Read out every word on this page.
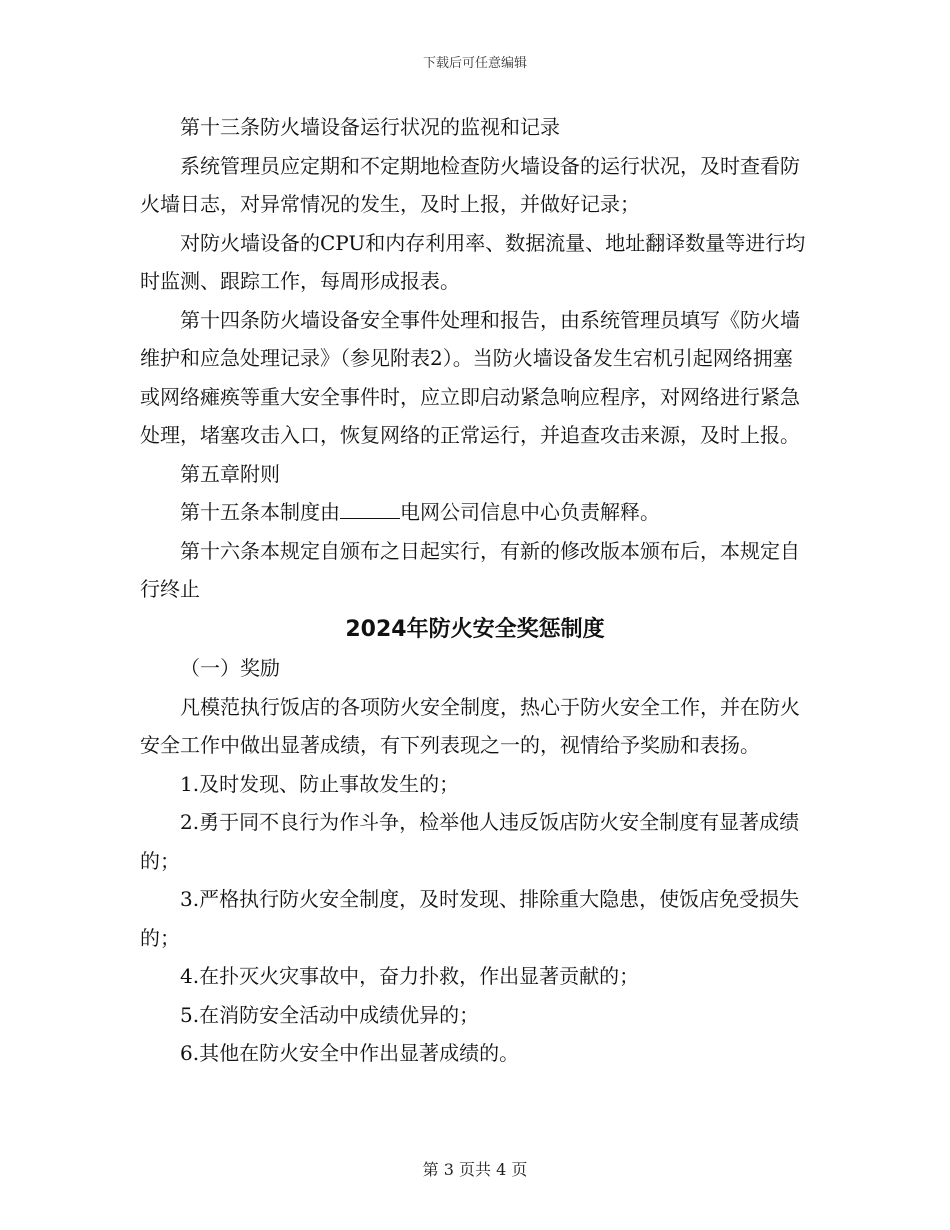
下载后可任意编辑

第十三条防火墙设备运行状况的监视和记录

系统管理员应定期和不定期地检查防火墙设备的运行状况，及时查看防火墙日志，对异常情况的发生，及时上报，并做好记录；

对防火墙设备的CPU和内存利用率、数据流量、地址翻译数量等进行均时监测、跟踪工作，每周形成报表。

第十四条防火墙设备安全事件处理和报告，由系统管理员填写《防火墙维护和应急处理记录》（参见附表2）。当防火墙设备发生宕机引起网络拥塞或网络瘫痪等重大安全事件时，应立即启动紧急响应程序，对网络进行紧急处理，堵塞攻击入口，恢复网络的正常运行，并追查攻击来源，及时上报。

第五章附则

第十五条本制度由	电网公司信息中心负责解释。

第十六条本规定自颁布之日起实行，有新的修改版本颁布后，本规定自行终止

2024年防火安全奖惩制度

（一）奖励

凡模范执行饭店的各项防火安全制度，热心于防火安全工作，并在防火安全工作中做出显著成绩，有下列表现之一的，视情给予奖励和表扬。

1.及时发现、防止事故发生的；

2.勇于同不良行为作斗争，检举他人违反饭店防火安全制度有显著成绩的；

3.严格执行防火安全制度，及时发现、排除重大隐患，使饭店免受损失的；

4.在扑灭火灾事故中，奋力扑救，作出显著贡献的；

5.在消防安全活动中成绩优异的；

6.其他在防火安全中作出显著成绩的。

第 3 页共 4 页
